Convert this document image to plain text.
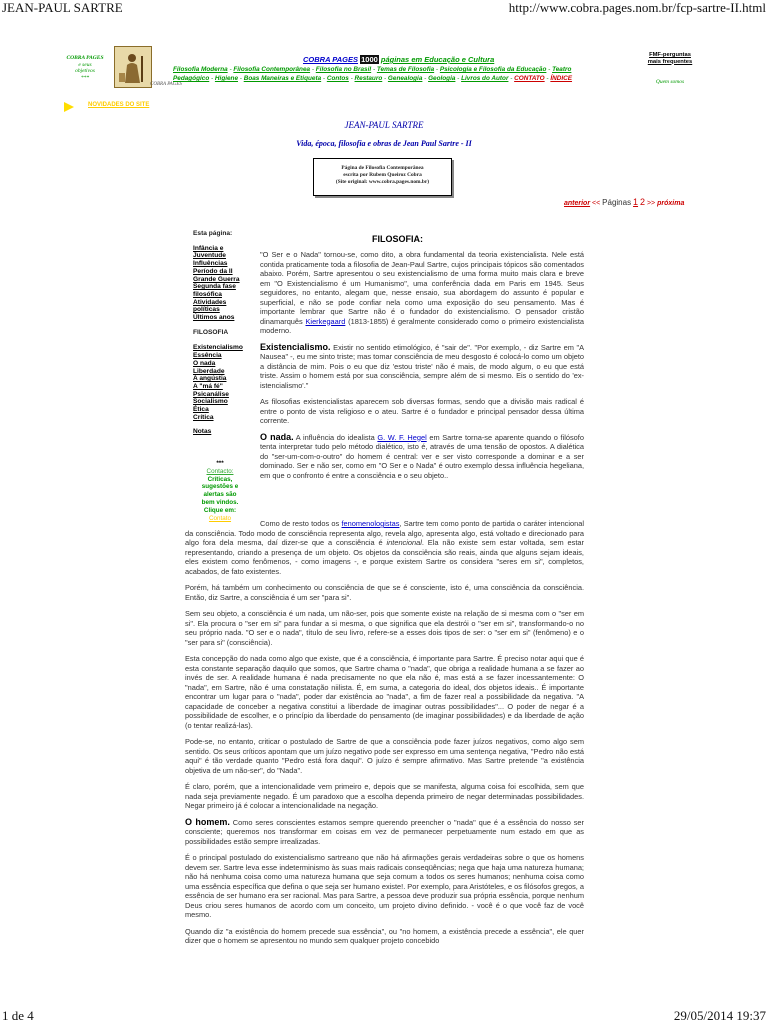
JEAN-PAUL SARTRE	http://www.cobra.pages.nom.br/fcp-sartre-II.html
1 de 4	29/05/2014 19:37
COBRA PAGES
e seus
objetivos
***
COBRA PAGES
COBRA PAGES 1000 páginas em Educação e Cultura
Filosofia Moderna - Filosofia Contemporânea - Filosofia no Brasil - Temas de Filosofia - Psicologia e Filosofia da Educação - Teatro
Pedagógico - Higiene - Boas Maneiras e Etiqueta - Contos - Restauro - Genealogia - Geologia - Livros do Autor - CONTATO - ÍNDICE
FMF-perguntas
mais frequentes
Quem somos
NOVIDADES DO SITE
JEAN-PAUL SARTRE
Vida, época, filosofia e obras de Jean Paul Sartre - II
Página de Filosofia Contemporânea
escrita por Rubem Queiroz Cobra
(Site original: www.cobra.pages.nom.br)
anterior << Páginas 1 2 >> próxima
Esta página:
Infância e
Juventude
Influências
Período da II
Grande Guerra
Segunda fase
filosófica
Atividades
políticas
Últimos anos
FILOSOFIA
Existencialismo
Essência
O nada
Liberdade
A angústia
A "má fé"
Psicanálise
Socialismo
Ética
Crítica
Notas
***
Contacto:
Críticas,
sugestões e
alertas são
bem vindos.
Clique em:
Contato
FILOSOFIA:

"O Ser e o Nada" tornou-se, como dito, a obra fundamental da teoria existencialista. Nele está contida praticamente toda a filosofia de Jean-Paul Sartre, cujos principais tópicos são comentados abaixo. Porém, Sartre apresentou o seu existencialismo de uma forma muito mais clara e breve em "O Existencialismo é um Humanismo", uma conferência dada em Paris em 1945. Seus seguidores, no entanto, alegam que, nesse ensaio, sua abordagem do assunto é popular e superficial, e não se pode confiar nela como uma exposição do seu pensamento. Mas é importante lembrar que Sartre não é o fundador do existencialismo. O pensador cristão dinamarquês Kierkegaard (1813-1855) é geralmente considerado como o primeiro existencialista moderno.

Existencialismo. Existir no sentido etimológico, é "sair de". "Por exemplo, - diz Sartre em "A Nausea" -, eu me sinto triste; mas tomar consciência de meu desgosto é colocá-lo como um objeto a distância de mim. Pois o eu que diz 'estou triste' não é mais, de modo algum, o eu que está triste. Assim o homem está por sua consciência, sempre além de si mesmo. Eis o sentido do 'ex-istencialismo'."

As filosofias existencialistas aparecem sob diversas formas, sendo que a divisão mais radical é entre o ponto de vista religioso e o ateu. Sartre é o fundador e principal pensador dessa última corrente.

O nada. A influência do idealista G. W. F. Hegel em Sartre torna-se aparente quando o filósofo tenta interpretar tudo pelo método dialético, isto é, através de uma tensão de opostos. A dialética do "ser-um-com-o-outro" do homem é central: ver e ser visto corresponde a dominar e a ser dominado. Ser e não ser, como em "O Ser e o Nada" é outro exemplo dessa influência hegeliana, em que o confronto é entre a consciência e o seu objeto..

Como de resto todos os fenomenologistas, Sartre tem como ponto de partida o caráter intencional da consciência. Todo modo de consciência representa algo, revela algo, apresenta algo, está voltado e direcionado para algo fora dela mesma, daí dizer-se que a consciência é intencional. Ela não existe sem estar voltada, sem estar representando, criando a presença de um objeto. Os objetos da consciência são reais, ainda que alguns sejam ideais, eles existem como fenômenos, - como imagens -, e porque existem Sartre os considera "seres em si", completos, acabados, de fato existentes.

Porém, há também um conhecimento ou consciência de que se é consciente, isto é, uma consciência da consciência. Então, diz Sartre, a consciência é um ser "para si".

Sem seu objeto, a consciência é um nada, um não-ser, pois que somente existe na relação de si mesma com o "ser em si". Ela procura o "ser em si" para fundar a si mesma, o que significa que ela destrói o "ser em si", transformando-o no seu próprio nada. "O ser e o nada", título de seu livro, refere-se a esses dois tipos de ser: o "ser em si" (fenômeno) e o "ser para si" (consciência).

Esta concepção do nada como algo que existe, que é a consciência, é importante para Sartre. É preciso notar aqui que é esta constante separação daquilo que somos, que Sartre chama o "nada", que obriga a realidade humana a se fazer ao invés de ser. A realidade humana é nada precisamente no que ela não é, mas está a se fazer incessantemente: O "nada", em Sartre, não é uma constatação niilista. É, em suma, a categoria do ideal, dos objetos ideais.. É importante encontrar um lugar para o "nada", poder dar existência ao "nada", a fim de fazer real a possibilidade da negativa. "A capacidade de conceber a negativa constitui a liberdade de imaginar outras possibilidades"... O poder de negar é a possibilidade de escolher, e o princípio da liberdade do pensamento (de imaginar possibilidades) e da liberdade de ação (o tentar realizá-las).

Pode-se, no entanto, criticar o postulado de Sartre de que a consciência pode fazer juízos negativos, como algo sem sentido. Os seus críticos apontam que um juízo negativo pode ser expresso em uma sentença negativa, "Pedro não está aqui" é tão verdade quanto "Pedro está fora daqui". O juízo é sempre afirmativo. Mas Sartre pretende "a existência objetiva de um não-ser", do "Nada".

É claro, porém, que a intencionalidade vem primeiro e, depois que se manifesta, alguma coisa foi escolhida, sem que nada seja previamente negado. É um paradoxo que a escolha dependa primeiro de negar determinadas possibilidades. Negar primeiro já é colocar a intencionalidade na negação.

O homem. Como seres conscientes estamos sempre querendo preencher o "nada" que é a essência do nosso ser consciente; queremos nos transformar em coisas em vez de permanecer perpetuamente num estado em que as possibilidades estão sempre irrealizadas.

É o principal postulado do existencialismo sartreano que não há afirmações gerais verdadeiras sobre o que os homens devem ser. Sartre leva esse indeterminismo às suas mais radicais conseqüências; nega que haja uma natureza humana; não há nenhuma coisa como uma natureza humana que seja comum a todos os seres humanos; nenhuma coisa como uma essência específica que defina o que seja ser humano existe!. Por exemplo, para Aristóteles, e os filósofos gregos, a essência de ser humano era ser racional. Mas para Sartre, a pessoa deve produzir sua própria essência, porque nenhum Deus criou seres humanos de acordo com um conceito, um projeto divino definido. - você é o que você faz de você mesmo.

Quando diz "a existência do homem precede sua essência", ou "no homem, a existência precede a essência", ele quer dizer que o homem se apresentou no mundo sem qualquer projeto concebido
